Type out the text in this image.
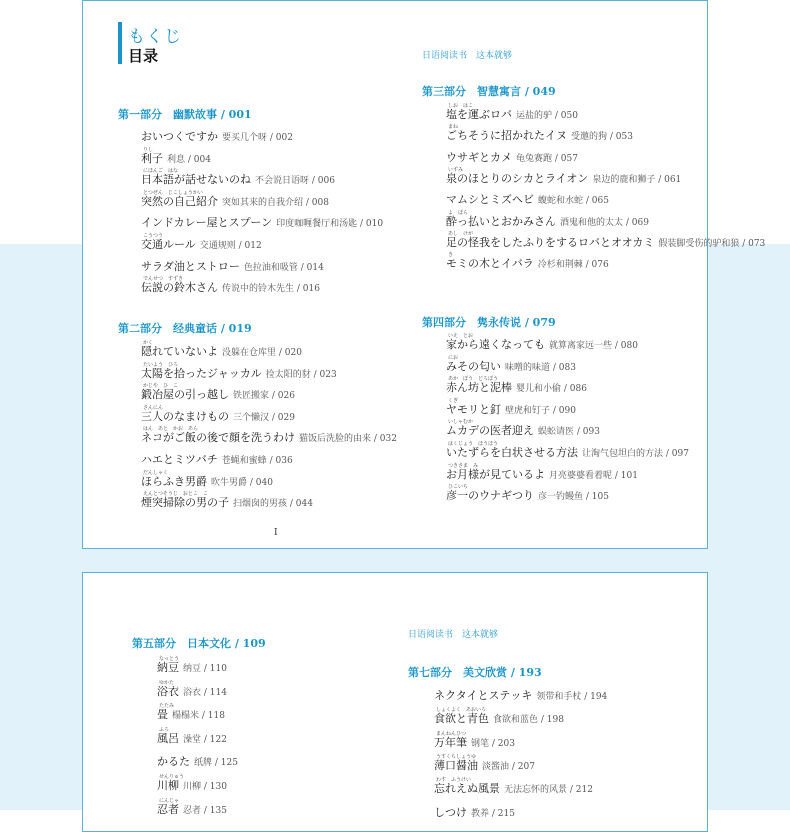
もくじ
目录	日语阅读书　这本就够
I
日语阅读书　这本就够
第一部分　幽默故事 / 001
おいつくですか 要买几个呀 / 002
利子 利息 / 004
りし
日本語が話せないのね 不会说日语呀 / 006
にほんご　はな
突然の自己紹介 突如其来的自我介绍 / 008
とつぜん　じこしょうかい
インドカレー屋とスプーン 印度咖喱餐厅和汤匙 / 010
交通ルール 交通规则 / 012
こうつう
サラダ油とストロー 色拉油和吸管 / 014
伝説の鈴木さん 传说中的铃木先生 / 016
でんせつ　すずき
第二部分　经典童话 / 019
隠れていないよ 没躲在仓库里 / 020
かく
太陽を拾ったジャッカル 捡太阳的豺 / 023
たいよう　ひろ
鍛冶屋の引っ越し 铁匠搬家 / 026
かじや　ひ　こ
三人のなまけもの 三个懒汉 / 029
さんにん
ネコがご飯の後で顔を洗うわけ 猫饭后洗脸的由来 / 032
はん　あと　かお　あら
ハエとミツバチ 苍蝇和蜜蜂 / 036
ほらふき男爵 吹牛男爵 / 040
だんしゃく
煙突掃除の男の子 扫烟囱的男孩 / 044
えんとつそうじ　おとこ　こ
第三部分　智慧寓言 / 049
塩を運ぶロバ 运盐的驴 / 050
しお　はこ
ごちそうに招かれたイヌ 受邀的狗 / 053
まね
ウサギとカメ 龟兔赛跑 / 057
泉のほとりのシカとライオン 泉边的鹿和狮子 / 061
いずみ
マムシとミズヘビ 蝮蛇和水蛇 / 065
酔っ払いとおかみさん 酒鬼和他的太太 / 069
よ　ぱら
足の怪我をしたふりをするロバとオオカミ 假装脚受伤的驴和狼 / 073
あし　けが
モミの木とイバラ 冷杉和荆棘 / 076
き
第四部分　隽永传说 / 079
家から遠くなっても 就算离家远一些 / 080
いえ　とお
みその匂い 味噌的味道 / 083
にお
赤ん坊と泥棒 婴儿和小偷 / 086
あか　ぼう　どろぼう
ヤモリと釘 壁虎和钉子 / 090
くぎ
ムカデの医者迎え 蜈蚣请医 / 093
いしゃむか
いたずらを白状させる方法 让淘气包坦白的方法 / 097
はくじょう　ほうほう
お月様が見ているよ 月亮婆婆看着呢 / 101
つきさま　み
彦一のウナギつり 彦一钓鳗鱼 / 105
ひこいち
第五部分　日本文化 / 109
納豆 纳豆 / 110
なっとう
浴衣 浴衣 / 114
ゆかた
畳 榻榻米 / 118
たたみ
風呂 澡堂 / 122
ふろ
かるた 纸牌 / 125
川柳 川柳 / 130
せんりゅう
忍者 忍者 / 135
にんじゃ
第七部分　美文欣赏 / 193
ネクタイとステッキ 领带和手杖 / 194
食欲と青色 食欲和蓝色 / 198
しょくよく　あおいろ
万年筆 钢笔 / 203
まんねんひつ
薄口醤油 淡酱油 / 207
うすくちしょうゆ
忘れえぬ風景 无法忘怀的风景 / 212
わす　ふうけい
しつけ 教养 / 215
